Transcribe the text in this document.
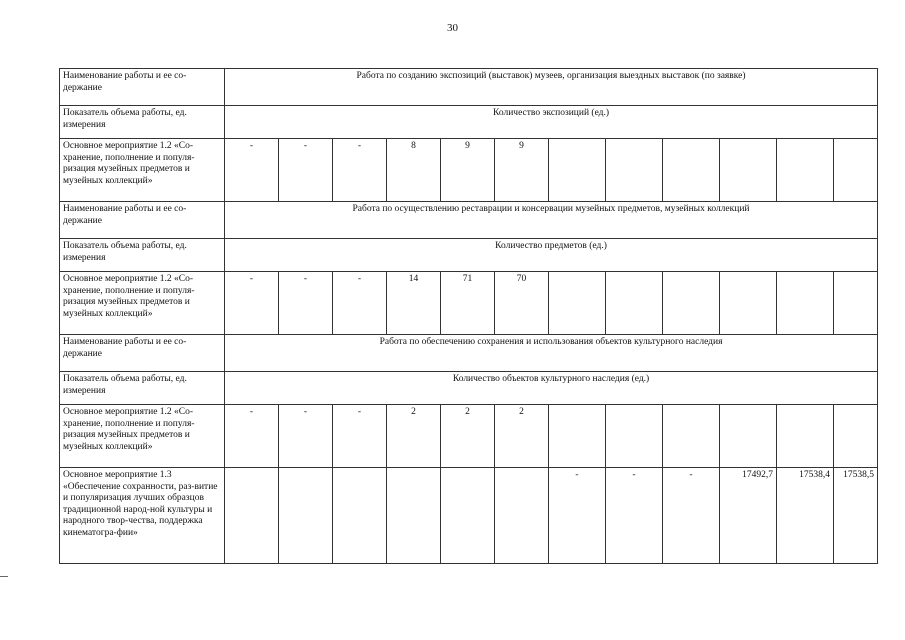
30
Наименование работы и ее со-держание	Работа по созданию экспозиций (выставок) музеев, организация выездных выставок (по заявке)											
Показатель объема работы, ед. измерения	Количество экспозиций (ед.)											
Основное мероприятие 1.2 «Со-хранение, пополнение и популя-ризация музейных предметов и музейных коллекций»	-	-	-	8	9	9						
Наименование работы и ее со-держание	Работа по осуществлению реставрации и консервации музейных предметов, музейных коллекций											
Показатель объема работы, ед. измерения	Количество предметов (ед.)											
Основное мероприятие 1.2 «Со-хранение, пополнение и популя-ризация музейных предметов и музейных коллекций»	-	-	-	14	71	70						
Наименование работы и ее со-держание	Работа по обеспечению сохранения и использования объектов культурного наследия											
Показатель объема работы, ед. измерения	Количество объектов культурного наследия (ед.)											
Основное мероприятие 1.2 «Со-хранение, пополнение и популя-ризация музейных предметов и музейных коллекций»	-	-	-	2	2	2						
Основное мероприятие 1.3 «Обеспечение сохранности, раз-витие и популяризация лучших образцов традиционной народ-ной культуры и народного твор-чества, поддержка кинематогра-фии»							-	-	-	17492,7	17538,4	17538,5
